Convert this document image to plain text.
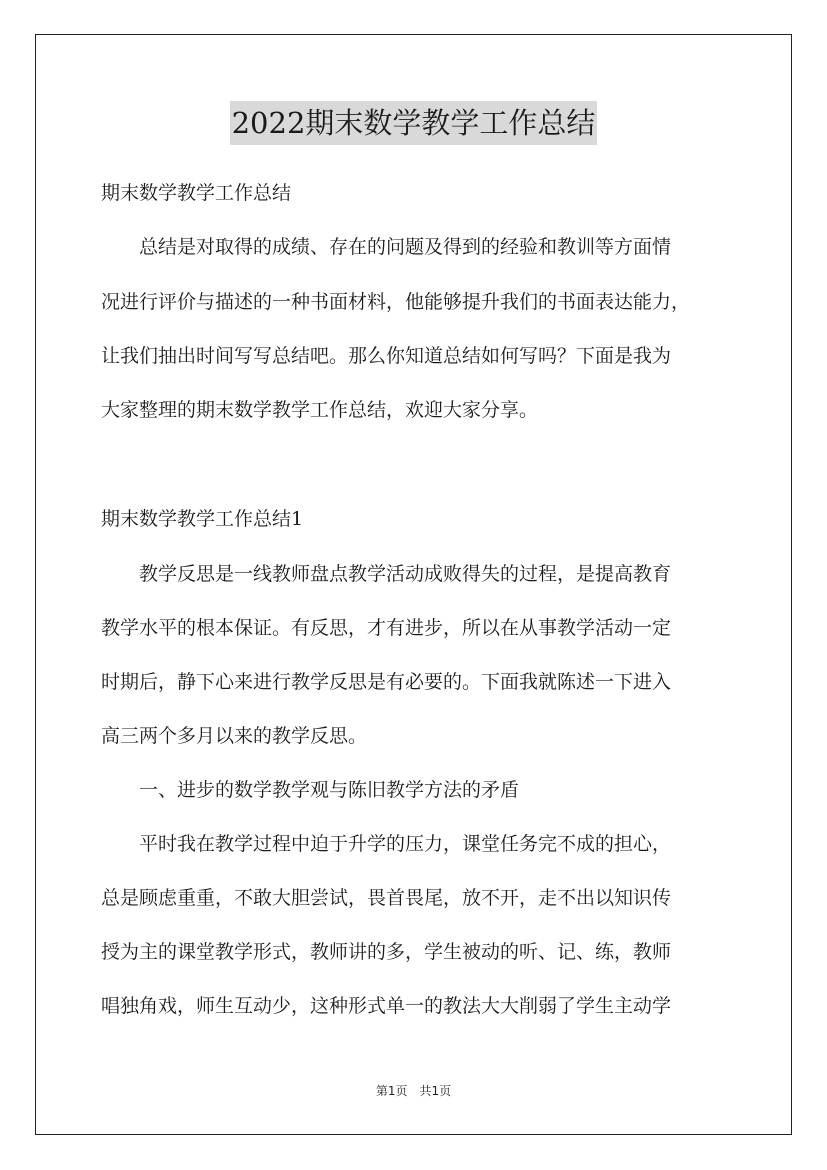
2022期末数学教学工作总结
期末数学教学工作总结
　　总结是对取得的成绩、存在的问题及得到的经验和教训等方面情
况进行评价与描述的一种书面材料，他能够提升我们的书面表达能力，
让我们抽出时间写写总结吧。那么你知道总结如何写吗？下面是我为
大家整理的期末数学教学工作总结，欢迎大家分享。
期末数学教学工作总结1
　　教学反思是一线教师盘点教学活动成败得失的过程，是提高教育
教学水平的根本保证。有反思，才有进步，所以在从事教学活动一定
时期后，静下心来进行教学反思是有必要的。下面我就陈述一下进入
高三两个多月以来的教学反思。
　　一、进步的数学教学观与陈旧教学方法的矛盾
　　平时我在教学过程中迫于升学的压力，课堂任务完不成的担心，
总是顾虑重重，不敢大胆尝试，畏首畏尾，放不开，走不出以知识传
授为主的课堂教学形式，教师讲的多，学生被动的听、记、练，教师
唱独角戏，师生互动少，这种形式单一的教法大大削弱了学生主动学
第1页　共1页
